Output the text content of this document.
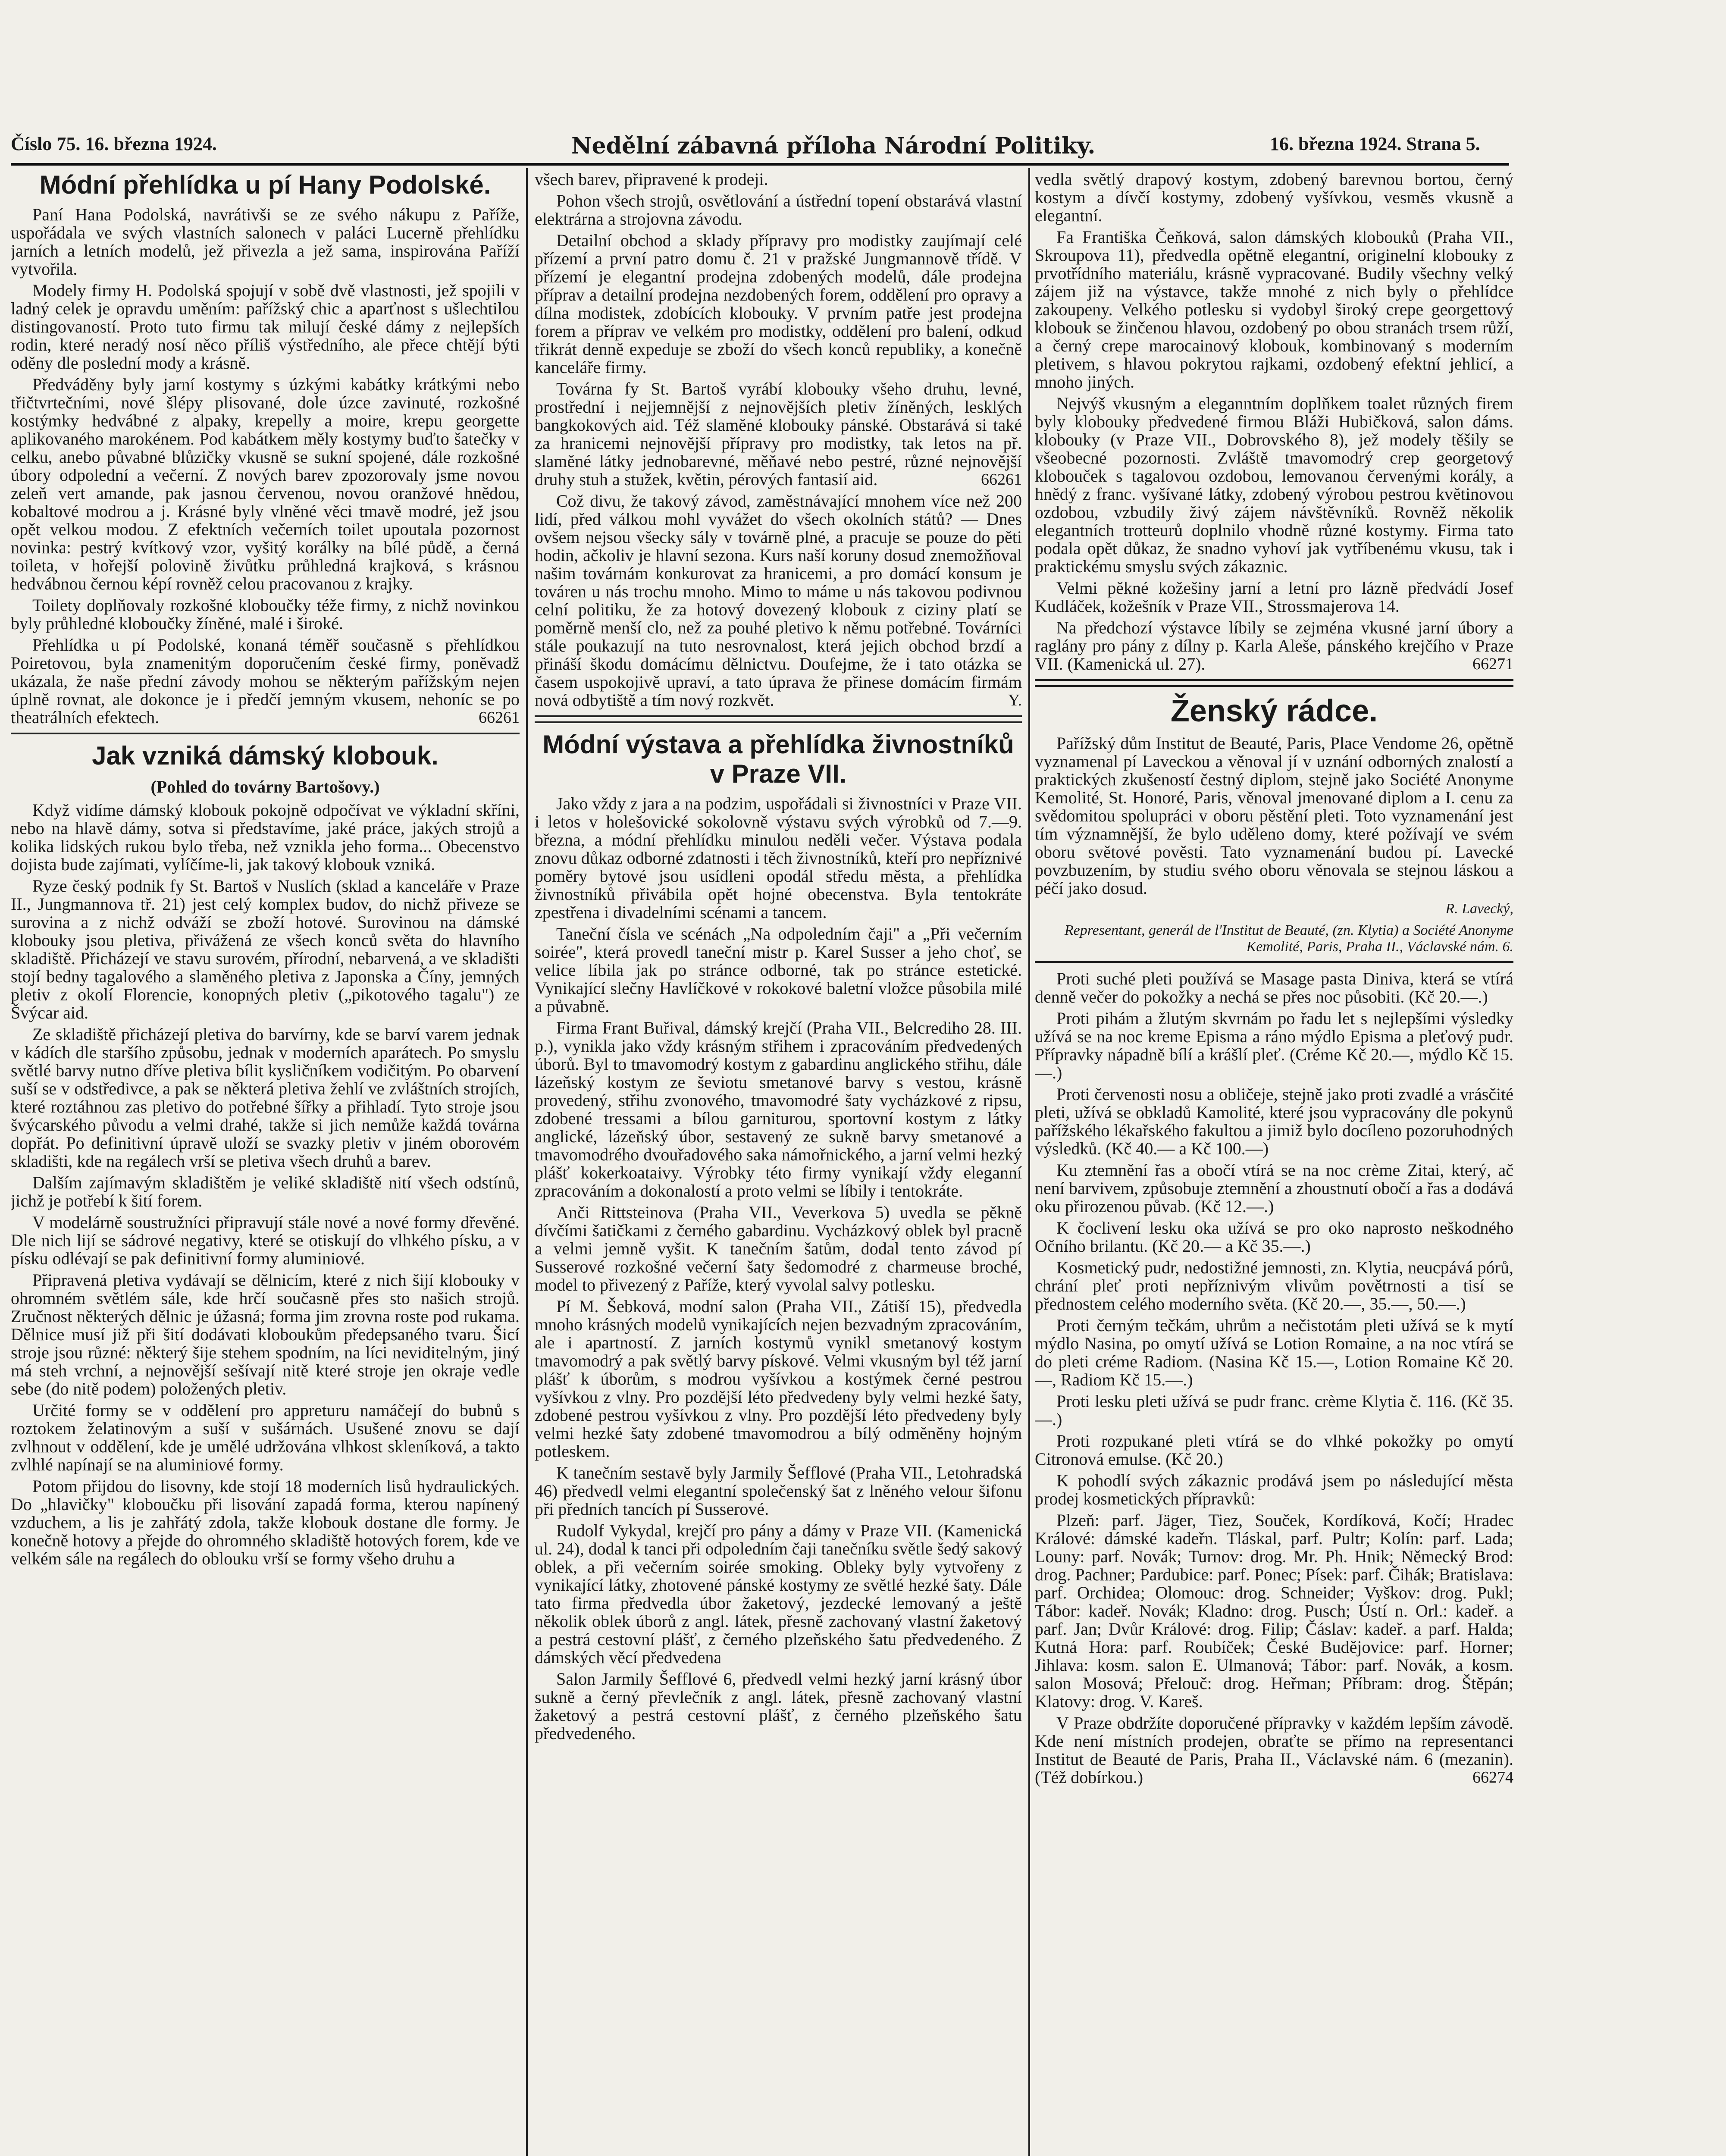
Číslo 75. 16. března 1924.	Nedělní zábavná příloha Národní Politiky.	16. března 1924. Strana 5.
Módní přehlídka u pí Hany Podolské.

Paní Hana Podolská, navrátivši se ze svého nákupu z Paříže, uspořádala ve svých vlastních salonech v paláci Lucerně přehlídku jarních a letních modelů, jež přivezla a jež sama, inspirována Paříží vytvořila.

Modely firmy H. Podolská spojují v sobě dvě vlastnosti, jež spojili v ladný celek je opravdu uměním: pařížský chic a aparťnost s ušlechtilou distingovaností. Proto tuto firmu tak milují české dámy z nejlepších rodin, které neradý nosí něco příliš výstředního, ale přece chtějí býti oděny dle poslední mody a krásně.

Předváděny byly jarní kostymy s úzkými kabátky krátkými nebo třičtvrtečními, nové šlépy plisované, dole úzce zavinuté, rozkošné kostýmky hedvábné z alpaky, krepelly a moire, krepu georgette aplikovaného marokénem. Pod kabátkem měly kostymy buďto šatečky v celku, anebo půvabné blůzičky vkusně se sukní spojené, dále rozkošné úbory odpolední a večerní. Z nových barev zpozorovaly jsme novou zeleň vert amande, pak jasnou červenou, novou oranžové hnědou, kobaltové modrou a j. Krásné byly vlněné věci tmavě modré, jež jsou opět velkou modou. Z efektních večerních toilet upoutala pozornost novinka: pestrý kvítkový vzor, vyšitý korálky na bílé půdě, a černá toileta, v hořejší polovině živůtku průhledná krajková, s krásnou hedvábnou černou képí rovněž celou pracovanou z krajky.

Toilety doplňovaly rozkošné kloboučky téže firmy, z nichž novinkou byly průhledné kloboučky žíněné, malé i široké.

Přehlídka u pí Podolské, konaná téměř současně s přehlídkou Poiretovou, byla znamenitým doporučením české firmy, poněvadž ukázala, že naše přední závody mohou se některým pařížským nejen úplně rovnat, ale dokonce je i předčí jemným vkusem, nehoníc se po theatrálních efektech.	66261

Jak vzniká dámský klobouk.
(Pohled do továrny Bartošovy.)

Když vidíme dámský klobouk pokojně odpočívat ve výkladní skříni, nebo na hlavě dámy, sotva si představíme, jaké práce, jakých strojů a kolika lidských rukou bylo třeba, než vznikla jeho forma... Obecenstvo dojista bude zajímati, vylíčíme-li, jak takový klobouk vzniká.

Ryze český podnik fy St. Bartoš v Nuslích (sklad a kanceláře v Praze II., Jungmannova tř. 21) jest celý komplex budov, do nichž přiveze se surovina a z nichž odváží se zboží hotové. Surovinou na dámské klobouky jsou pletiva, přivážená ze všech konců světa do hlavního skladiště. Přicházejí ve stavu surovém, přírodní, nebarvená, a ve skladišti stojí bedny tagalového a slaměného pletiva z Japonska a Číny, jemných pletiv z okolí Florencie, konopných pletiv („pikotového tagalu") ze Švýcar aid.

Ze skladiště přicházejí pletiva do barvírny, kde se barví varem jednak v kádích dle staršího způsobu, jednak v moderních aparátech. Po smyslu světlé barvy nutno dříve pletiva bílit kysličníkem vodičitým. Po obarvení suší se v odstředivce, a pak se některá pletiva žehlí ve zvláštních strojích, které roztáhnou zas pletivo do potřebné šířky a přihladí. Tyto stroje jsou švýcarského původu a velmi drahé, takže si jich nemůže každá továrna dopřát. Po definitivní úpravě uloží se svazky pletiv v jiném oborovém skladišti, kde na regálech vrší se pletiva všech druhů a barev.

Dalším zajímavým skladištěm je veliké skladiště nití všech odstínů, jichž je potřebí k šití forem.

V modelárně soustružníci připravují stále nové a nové formy dřevěné. Dle nich lijí se sádrové negativy, které se otiskují do vlhkého písku, a v písku odlévají se pak definitivní formy aluminiové.

Připravená pletiva vydávají se dělnicím, které z nich šijí klobouky v ohromném světlém sále, kde hrčí současně přes sto našich strojů. Zručnost některých dělnic je úžasná; forma jim zrovna roste pod rukama. Dělnice musí již při šití dodávati kloboukům předepsaného tvaru. Šicí stroje jsou různé: některý šije stehem spodním, na líci neviditelným, jiný má steh vrchní, a nejnovější sešívají nitě které stroje jen okraje vedle sebe (do nitě podem) položených pletiv.

Určité formy se v oddělení pro appreturu namáčejí do bubnů s roztokem želatinovým a suší v sušárnách. Usušené znovu se dají zvlhnout v oddělení, kde je umělé udržována vlhkost skleníková, a takto zvlhlé napínají se na aluminiové formy.

Potom přijdou do lisovny, kde stojí 18 moderních lisů hydraulických. Do „hlavičky" kloboučku při lisování zapadá forma, kterou napínený vzduchem, a lis je zahřátý zdola, takže klobouk dostane dle formy. Je konečně hotovy a přejde do ohromného skladiště hotových forem, kde ve velkém sále na regálech do oblouku vrší se formy všeho druhu a

všech barev, připravené k prodeji.

Pohon všech strojů, osvětlování a ústřední topení obstarává vlastní elektrárna a strojovna závodu.

Detailní obchod a sklady přípravy pro modistky zaujímají celé přízemí a první patro domu č. 21 v pražské Jungmannově třídě. V přízemí je elegantní prodejna zdobených modelů, dále prodejna příprav a detailní prodejna nezdobených forem, oddělení pro opravy a dílna modistek, zdobících klobouky. V prvním patře jest prodejna forem a příprav ve velkém pro modistky, oddělení pro balení, odkud třikrát denně expeduje se zboží do všech konců republiky, a konečně kanceláře firmy.

Továrna fy St. Bartoš vyrábí klobouky všeho druhu, levné, prostřední i nejjemnější z nejnovějších pletiv žíněných, lesklých bangkokových aid. Též slaměné klobouky pánské. Obstarává si také za hranicemi nejnovější přípravy pro modistky, tak letos na př. slaměné látky jednobarevné, měňavé nebo pestré, různé nejnovější druhy stuh a stužek, květin, pérových fantasií aid.	66261

Což divu, že takový závod, zaměstnávající mnohem více než 200 lidí, před válkou mohl vyvážet do všech okolních států? — Dnes ovšem nejsou všecky sály v továrně plné, a pracuje se pouze do pěti hodin, ačkoliv je hlavní sezona. Kurs naší koruny dosud znemožňoval našim továrnám konkurovat za hranicemi, a pro domácí konsum je továren u nás trochu mnoho. Mimo to máme u nás takovou podivnou celní politiku, že za hotový dovezený klobouk z ciziny platí se poměrně menší clo, než za pouhé pletivo k němu potřebné. Továrníci stále poukazují na tuto nesrovnalost, která jejich obchod brzdí a přináší škodu domácímu dělnictvu. Doufejme, že i tato otázka se časem uspokojivě upraví, a tato úprava že přinese domácím firmám nová odbytiště a tím nový rozkvět.	Y.

Módní výstava a přehlídka živnostníků v Praze VII.

Jako vždy z jara a na podzim, uspořádali si živnostníci v Praze VII. i letos v holešovické sokolovně výstavu svých výrobků od 7.—9. března, a módní přehlídku minulou neděli večer. Výstava podala znovu důkaz odborné zdatnosti i těch živnostníků, kteří pro nepříznivé poměry bytové jsou usídleni opodál středu města, a přehlídka živnostníků přivábila opět hojné obecenstva. Byla tentokráte zpestřena i divadelními scénami a tancem.

Taneční čísla ve scénách „Na odpoledním čaji" a „Při večerním soirée", která provedl taneční mistr p. Karel Susser a jeho choť, se velice líbila jak po stránce odborné, tak po stránce estetické. Vynikající slečny Havlíčkové v rokokové baletní vložce působila milé a půvabně.

Firma Frant Buřival, dámský krejčí (Praha VII., Belcrediho 28. III. p.), vynikla jako vždy krásným střihem i zpracováním předvedených úborů. Byl to tmavomodrý kostym z gabardinu anglického střihu, dále lázeňský kostym ze ševiotu smetanové barvy s vestou, krásně provedený, střihu zvonového, tmavomodré šaty vycházkové z ripsu, zdobené tressami a bílou garniturou, sportovní kostym z látky anglické, lázeňský úbor, sestavený ze sukně barvy smetanové a tmavomodrého dvouřadového saka námořnického, a jarní velmi hezký plášť kokerkoataivy. Výrobky této firmy vynikají vždy eleganní zpracováním a dokonalostí a proto velmi se líbily i tentokráte.

Anči Rittsteinova (Praha VII., Veverkova 5) uvedla se pěkně dívčími šatičkami z černého gabardinu. Vycházkový oblek byl pracně a velmi jemně vyšit. K tanečním šatům, dodal tento závod pí Susserové rozkošné večerní šaty šedomodré z charmeuse broché, model to přivezený z Paříže, který vyvolal salvy potlesku.

Pí M. Šebková, modní salon (Praha VII., Zátiší 15), předvedla mnoho krásných modelů vynikajících nejen bezvadným zpracováním, ale i apartností. Z jarních kostymů vynikl smetanový kostym tmavomodrý a pak světlý barvy pískové. Velmi vkusným byl též jarní plášť k úborům, s modrou vyšívkou a kostýmek černé pestrou vyšívkou z vlny. Pro pozdější léto předvedeny byly velmi hezké šaty, zdobené pestrou vyšívkou z vlny. Pro pozdější léto předvedeny byly velmi hezké šaty zdobené tmavomodrou a bílý odměněny hojným potleskem.

K tanečním sestavě byly Jarmily Šefflové (Praha VII., Letohradská 46) předvedl velmi elegantní společenský šat z lněného velour šifonu při předních tancích pí Susserové.

Rudolf Vykydal, krejčí pro pány a dámy v Praze VII. (Kamenická ul. 24), dodal k tanci při odpoledním čaji tanečníku světle šedý sakový oblek, a při večerním soirée smoking. Obleky byly vytvořeny z vynikající látky, zhotovené pánské kostymy ze světlé hezké šaty. Dále tato firma předvedla úbor žaketový, jezdecké lemovaný a ještě několik oblek úborů z angl. látek, přesně zachovaný vlastní žaketový a pestrá cestovní plášť, z černého plzeňského šatu předvedeného. Z dámských věcí předvedena

Salon Jarmily Šefflové 6, předvedl velmi hezký jarní krásný úbor sukně a černý převlečník z angl. látek, přesně zachovaný vlastní žaketový a pestrá cestovní plášť, z černého plzeňského šatu předvedeného.

vedla světlý drapový kostym, zdobený barevnou bortou, černý kostym a dívčí kostymy, zdobený vyšívkou, vesměs vkusně a elegantní.

Fa Františka Čeňková, salon dámských klobouků (Praha VII., Skroupova 11), předvedla opětně elegantní, originelní klobouky z prvotřídního materiálu, krásně vypracované. Budily všechny velký zájem již na výstavce, takže mnohé z nich byly o přehlídce zakoupeny. Velkého potlesku si vydobyl široký crepe georgettový klobouk se žinčenou hlavou, ozdobený po obou stranách trsem růží, a černý crepe marocainový klobouk, kombinovaný s moderním pletivem, s hlavou pokrytou rajkami, ozdobený efektní jehlicí, a mnoho jiných.

Nejvýš vkusným a eleganntním doplňkem toalet různých firem byly klobouky předvedené firmou Bláži Hubičková, salon dáms. klobouky (v Praze VII., Dobrovského 8), jež modely těšily se všeobecné pozornosti. Zvláště tmavomodrý crep georgetový klobouček s tagalovou ozdobou, lemovanou červenými korály, a hnědý z franc. vyšívané látky, zdobený výrobou pestrou květinovou ozdobou, vzbudily živý zájem návštěvníků. Rovněž několik elegantních trotteurů doplnilo vhodně různé kostymy. Firma tato podala opět důkaz, že snadno vyhoví jak vytříbenému vkusu, tak i praktickému smyslu svých zákaznic.

Velmi pěkné kožešiny jarní a letní pro lázně předvádí Josef Kudláček, kožešník v Praze VII., Strossmajerova 14.

Na předchozí výstavce líbily se zejména vkusné jarní úbory a raglány pro pány z dílny p. Karla Aleše, pánského krejčího v Praze VII. (Kamenická ul. 27).	66271

Ženský rádce.

Pařížský dům Institut de Beauté, Paris, Place Vendome 26, opětně vyznamenal pí Laveckou a věnoval jí v uznání odborných znalostí a praktických zkušeností čestný diplom, stejně jako Société Anonyme Kemolité, St. Honoré, Paris, věnoval jmenované diplom a I. cenu za svědomitou spolupráci v oboru pěstění pleti. Toto vyznamenání jest tím významnější, že bylo uděleno domy, které požívají ve svém oboru světové pověsti. Tato vyznamenání budou pí. Lavecké povzbuzením, by studiu svého oboru věnovala se stejnou láskou a péčí jako dosud.

R. Lavecký,
Representant, generál de l'Institut de Beauté, (zn. Klytia) a Société Anonyme Kemolité, Paris, Praha II., Václavské nám. 6.

Proti suché pleti používá se Masage pasta Diniva, která se vtírá denně večer do pokožky a nechá se přes noc působiti. (Kč 20.—.)

Proti pihám a žlutým skvrnám po řadu let s nejlepšími výsledky užívá se na noc kreme Episma a ráno mýdlo Episma a pleťový pudr. Přípravky nápadně bílí a krášlí pleť. (Créme Kč 20.—, mýdlo Kč 15.—.)

Proti červenosti nosu a obličeje, stejně jako proti zvadlé a vrásčité pleti, užívá se obkladů Kamolité, které jsou vypracovány dle pokynů pařížského lékařského fakultou a jimiž bylo docíleno pozoruhodných výsledků. (Kč 40.— a Kč 100.—)

Ku ztemnění řas a obočí vtírá se na noc crème Zitai, který, ač není barvivem, způsobuje ztemnění a zhoustnutí obočí a řas a dodává oku přirozenou půvab. (Kč 12.—.)

K čoclivení lesku oka užívá se pro oko naprosto neškodného Očního brilantu. (Kč 20.— a Kč 35.—.)

Kosmetický pudr, nedostižné jemnosti, zn. Klytia, neucpává pórů, chrání pleť proti nepříznivým vlivům povětrnosti a tisí se přednostem celého moderního světa. (Kč 20.—, 35.—, 50.—.)

Proti černým tečkám, uhrům a nečistotám pleti užívá se k mytí mýdlo Nasina, po omytí užívá se Lotion Romaine, a na noc vtírá se do pleti créme Radiom. (Nasina Kč 15.—, Lotion Romaine Kč 20.—, Radiom Kč 15.—.)

Proti lesku pleti užívá se pudr franc. crème Klytia č. 116. (Kč 35.—.)

Proti rozpukané pleti vtírá se do vlhké pokožky po omytí Citronová emulse. (Kč 20.)

K pohodlí svých zákaznic prodává jsem po následující města prodej kosmetických přípravků:

Plzeň: parf. Jäger, Tiez, Souček, Kordíková, Kočí; Hradec Králové: dámské kadeřn. Tláskal, parf. Pultr; Kolín: parf. Lada; Louny: parf. Novák; Turnov: drog. Mr. Ph. Hnik; Německý Brod: drog. Pachner; Pardubice: parf. Ponec; Písek: parf. Čihák; Bratislava: parf. Orchidea; Olomouc: drog. Schneider; Vyškov: drog. Pukl; Tábor: kadeř. Novák; Kladno: drog. Pusch; Ústí n. Orl.: kadeř. a parf. Jan; Dvůr Králové: drog. Filip; Čáslav: kadeř. a parf. Halda; Kutná Hora: parf. Roubíček; České Budějovice: parf. Horner; Jihlava: kosm. salon E. Ulmanová; Tábor: parf. Novák, a kosm. salon Mosová; Přelouč: drog. Heřman; Příbram: drog. Štěpán; Klatovy: drog. V. Kareš.

V Praze obdržíte doporučené přípravky v každém lepším závodě. Kde není místních prodejen, obraťte se přímo na representanci Institut de Beauté de Paris, Praha II., Václavské nám. 6 (mezanin). (Též dobírkou.)	66274
